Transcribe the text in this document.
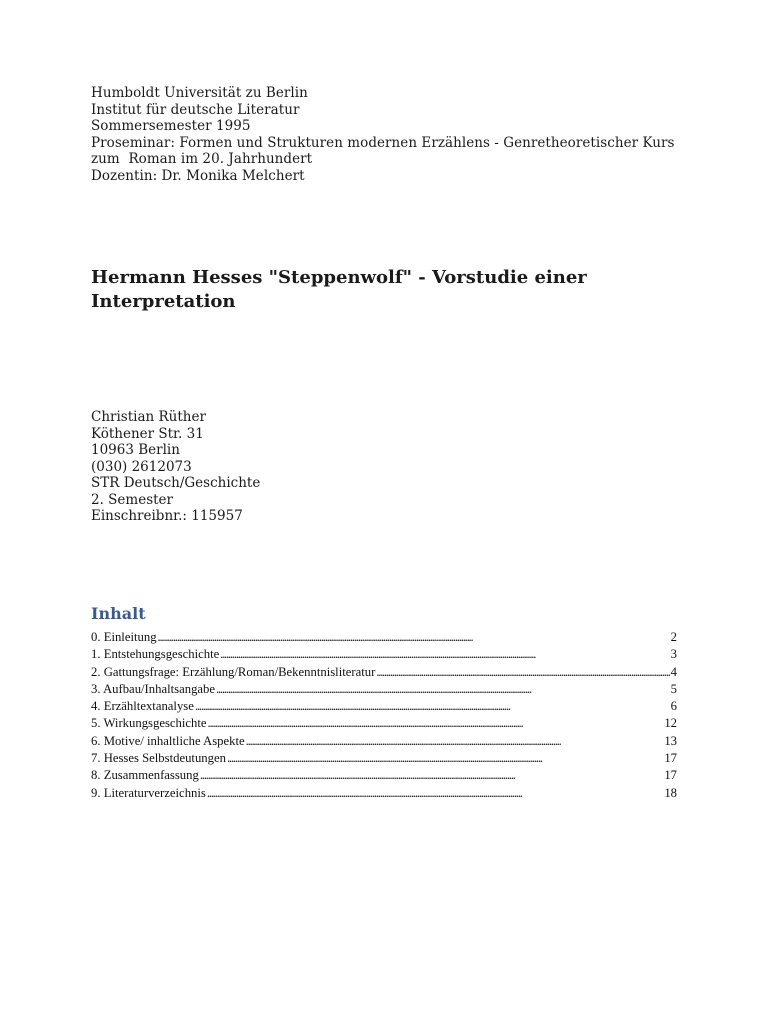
Humboldt Universität zu Berlin
Institut für deutsche Literatur
Sommersemester 1995
Proseminar: Formen und Strukturen modernen Erzählens - Genretheoretischer Kurs
zum  Roman im 20. Jahrhundert
Dozentin: Dr. Monika Melchert
Hermann Hesses "Steppenwolf" - Vorstudie einer
Interpretation
Christian Rüther
Köthener Str. 31
10963 Berlin
(030) 2612073
STR Deutsch/Geschichte
2. Semester
Einschreibnr.: 115957
Inhalt
0. Einleitung . . .	2
1. Entstehungsgeschichte . . .	3
2. Gattungsfrage: Erzählung/Roman/Bekenntnisliteratur . . .	4
3. Aufbau/Inhaltsangabe . . .	5
4. Erzähltextanalyse . . .	6
5. Wirkungsgeschichte . . .	12
6. Motive/ inhaltliche Aspekte . . .	13
7. Hesses Selbstdeutungen . . .	17
8. Zusammenfassung . . .	17
9. Literaturverzeichnis . . .	18
